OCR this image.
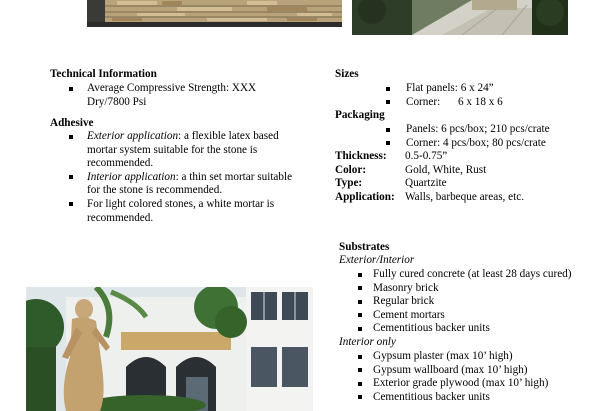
Technical Information
Average Compressive Strength: XXX Dry/7800 Psi
Adhesive
Exterior application: a flexible latex based mortar system suitable for the stone is recommended.
Interior application: a thin set mortar suitable for the stone is recommended.
For light colored stones, a white mortar is recommended.
Sizes
Flat panels: 6 x 24”
Corner: 6 x 18 x 6
Packaging
Panels: 6 pcs/box; 210 pcs/crate
Corner: 4 pcs/box; 80 pcs/crate
Thickness: 0.5-0.75”
Color:	Gold, White, Rust
Type:	Quartzite
Application: Walls, barbeque areas, etc.
Substrates
Exterior/Interior
Fully cured concrete (at least 28 days cured)
Masonry brick
Regular brick
Cement mortars
Cementitious backer units
Interior only
Gypsum plaster (max 10’ high)
Gypsum wallboard (max 10’ high)
Exterior grade plywood (max 10’ high)
Cementitious backer units
